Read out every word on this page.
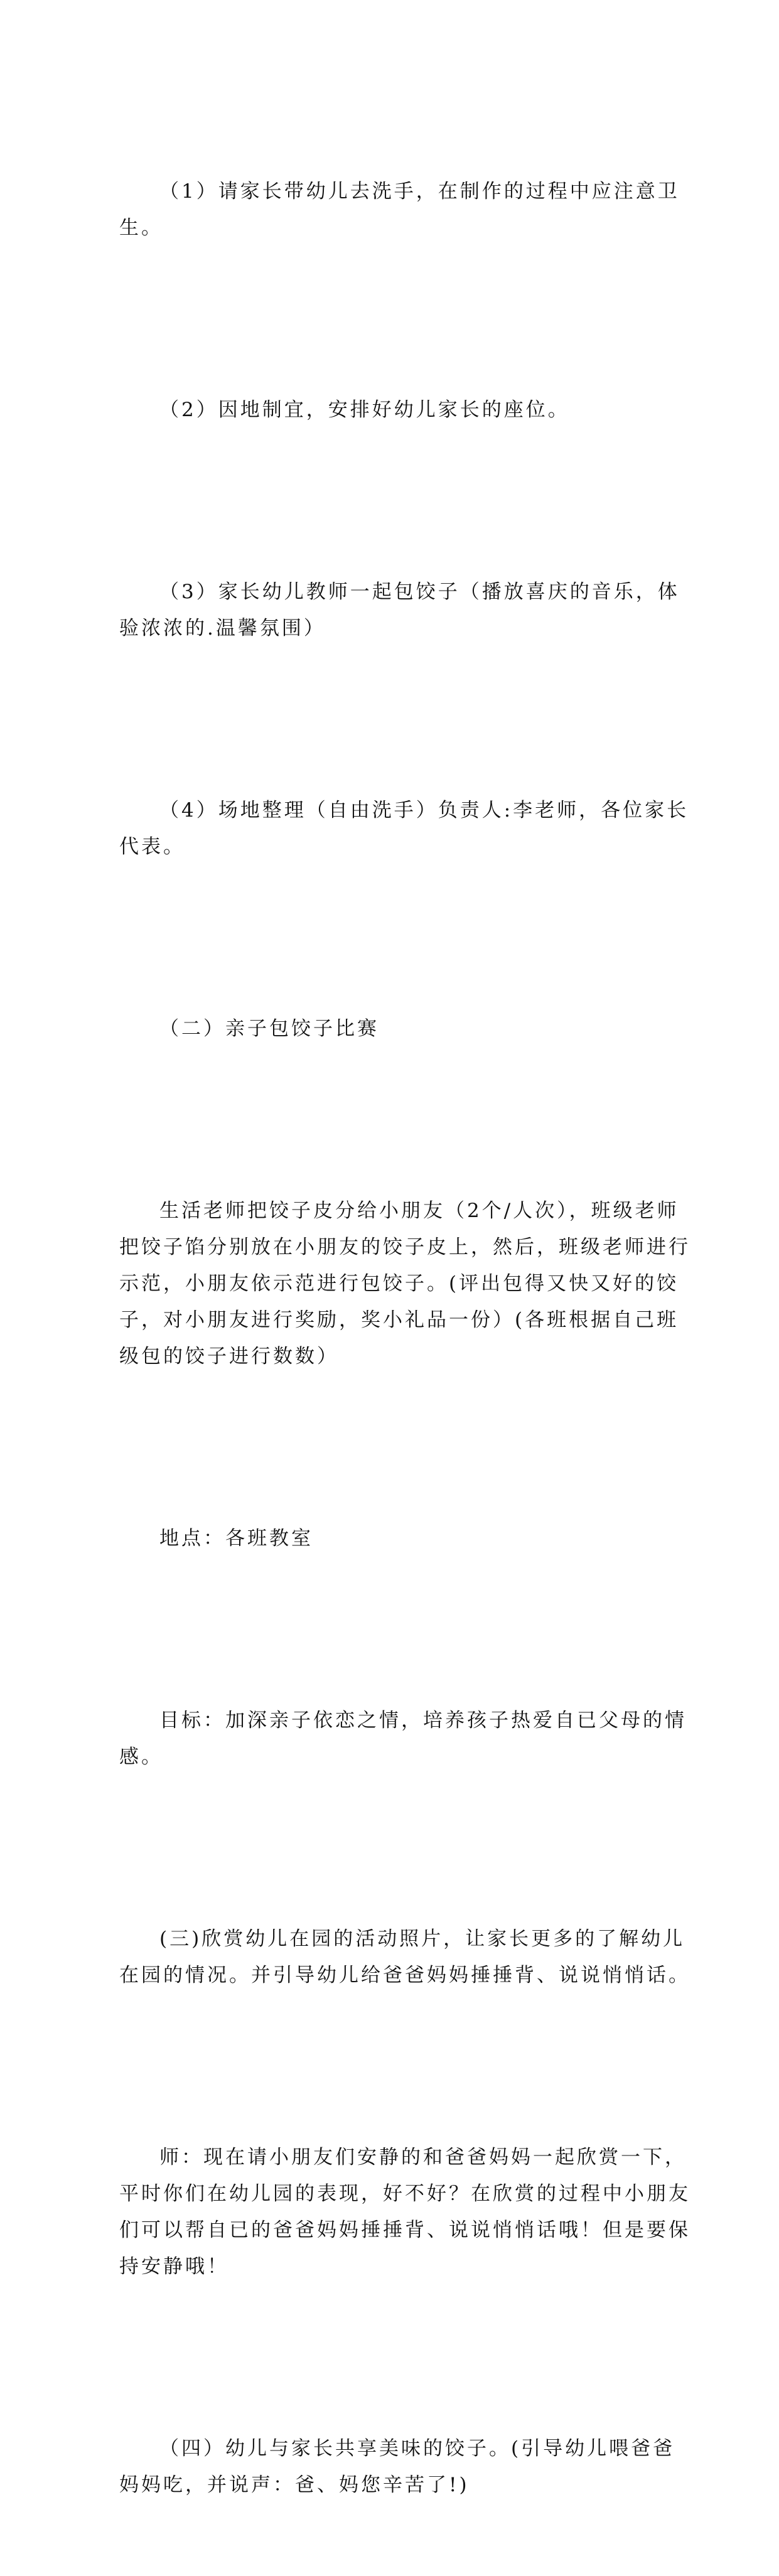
（1）请家长带幼儿去洗手，在制作的过程中应注意卫
生。

（2）因地制宜，安排好幼儿家长的座位。

（3）家长幼儿教师一起包饺子（播放喜庆的音乐，体
验浓浓的.温馨氛围）

（4）场地整理（自由洗手）负责人:李老师，各位家长
代表。

（二）亲子包饺子比赛

生活老师把饺子皮分给小朋友（2个/人次），班级老师
把饺子馅分别放在小朋友的饺子皮上，然后，班级老师进行
示范，小朋友依示范进行包饺子。(评出包得又快又好的饺
子，对小朋友进行奖励，奖小礼品一份）(各班根据自己班
级包的饺子进行数数）

地点：各班教室

目标：加深亲子依恋之情，培养孩子热爱自已父母的情
感。

(三)欣赏幼儿在园的活动照片，让家长更多的了解幼儿
在园的情况。并引导幼儿给爸爸妈妈捶捶背、说说悄悄话。

师：现在请小朋友们安静的和爸爸妈妈一起欣赏一下，
平时你们在幼儿园的表现，好不好？在欣赏的过程中小朋友
们可以帮自已的爸爸妈妈捶捶背、说说悄悄话哦！但是要保
持安静哦！

（四）幼儿与家长共享美味的饺子。(引导幼儿喂爸爸
妈妈吃，并说声：爸、妈您辛苦了!)
